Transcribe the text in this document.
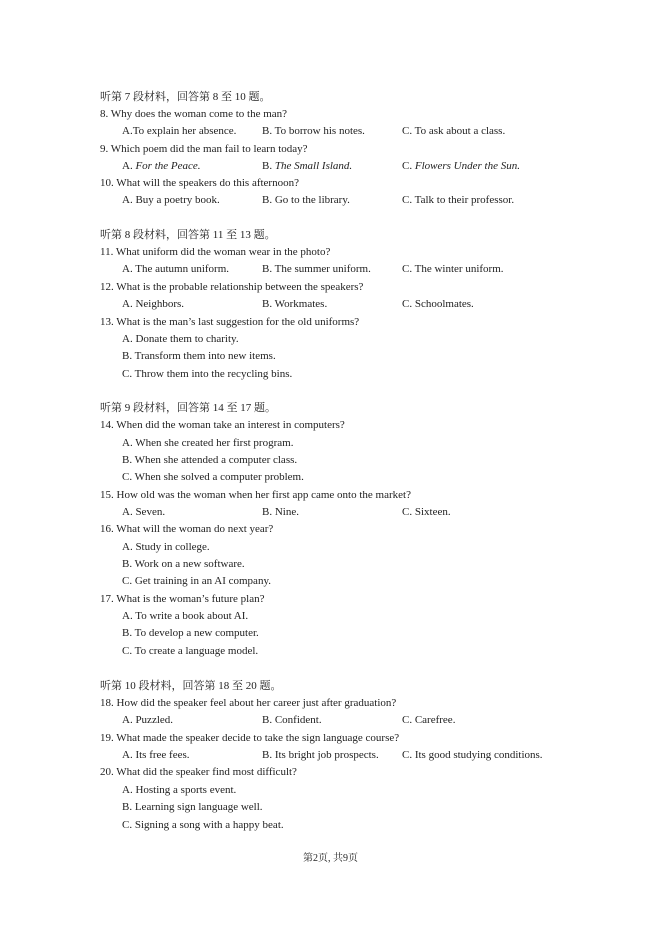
听第 7 段材料，回答第 8 至 10 题。
8. Why does the woman come to the man?
A.To explain her absence. B. To borrow his notes.	C. To ask about a class.
9. Which poem did the man fail to learn today?
A. For the Peace.	B. The Small Island.	C. Flowers Under the Sun.
10. What will the speakers do this afternoon?
A. Buy a poetry book.	B. Go to the library.	C. Talk to their professor.
听第 8 段材料，回答第 11 至 13 题。
11. What uniform did the woman wear in the photo?
A. The autumn uniform.	B. The summer uniform.	C. The winter uniform.
12. What is the probable relationship between the speakers?
A. Neighbors.	B. Workmates.	C. Schoolmates.
13. What is the man’s last suggestion for the old uniforms?
A. Donate them to charity.
B. Transform them into new items.
C. Throw them into the recycling bins.
听第 9 段材料，回答第 14 至 17 题。
14. When did the woman take an interest in computers?
A. When she created her first program.
B. When she attended a computer class.
C. When she solved a computer problem.
15. How old was the woman when her first app came onto the market?
A. Seven.	B. Nine.	C. Sixteen.
16. What will the woman do next year?
A. Study in college.
B. Work on a new software.
C. Get training in an AI company.
17. What is the woman’s future plan?
A. To write a book about AI.
B. To develop a new computer.
C. To create a language model.
听第 10 段材料，回答第 18 至 20 题。
18. How did the speaker feel about her career just after graduation?
A. Puzzled.	B. Confident.	C. Carefree.
19. What made the speaker decide to take the sign language course?
A. Its free fees.	B. Its bright job prospects. C. Its good studying conditions.
20. What did the speaker find most difficult?
A. Hosting a sports event.
B. Learning sign language well.
C. Signing a song with a happy beat.
第2页, 共9页
